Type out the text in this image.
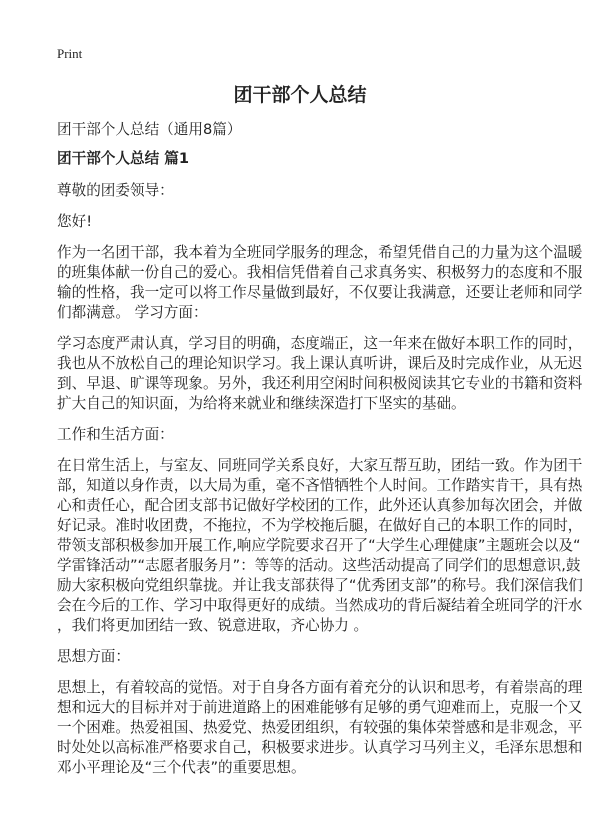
Print
团干部个人总结

团干部个人总结（通用8篇）

团干部个人总结 篇1

尊敬的团委领导：

您好!

作为一名团干部，我本着为全班同学服务的理念，希望凭借自己的力量为这个温暖
的班集体献一份自己的爱心。我相信凭借着自己求真务实、积极努力的态度和不服
输的性格，我一定可以将工作尽量做到最好，不仅要让我满意，还要让老师和同学
们都满意。 学习方面：

学习态度严肃认真，学习目的明确，态度端正，这一年来在做好本职工作的同时，
我也从不放松自己的理论知识学习。我上课认真听讲，课后及时完成作业，从无迟
到、早退、旷课等现象。另外，我还利用空闲时间积极阅读其它专业的书籍和资料
扩大自己的知识面，为给将来就业和继续深造打下坚实的基础。

工作和生活方面：

在日常生活上，与室友、同班同学关系良好，大家互帮互助，团结一致。作为团干
部，知道以身作责，以大局为重，毫不吝惜牺牲个人时间。工作踏实肯干，具有热
心和责任心，配合团支部书记做好学校团的工作，此外还认真参加每次团会，并做
好记录。准时收团费，不拖拉，不为学校拖后腿，在做好自己的本职工作的同时，
带领支部积极参加开展工作,响应学院要求召开了“大学生心理健康”主题班会以及“
学雷锋活动”“志愿者服务月”：等等的活动。这些活动提高了同学们的思想意识,鼓
励大家积极向党组织靠拢。并让我支部获得了“优秀团支部”的称号。我们深信我们
会在今后的工作、学习中取得更好的成绩。当然成功的背后凝结着全班同学的汗水
，我们将更加团结一致、锐意进取，齐心协力 。

思想方面：

思想上，有着较高的觉悟。对于自身各方面有着充分的认识和思考，有着崇高的理
想和远大的目标并对于前进道路上的困难能够有足够的勇气迎难而上，克服一个又
一个困难。热爱祖国、热爱党、热爱团组织，有较强的集体荣誉感和是非观念，平
时处处以高标准严格要求自己，积极要求进步。认真学习马列主义，毛泽东思想和
邓小平理论及“三个代表”的重要思想。
